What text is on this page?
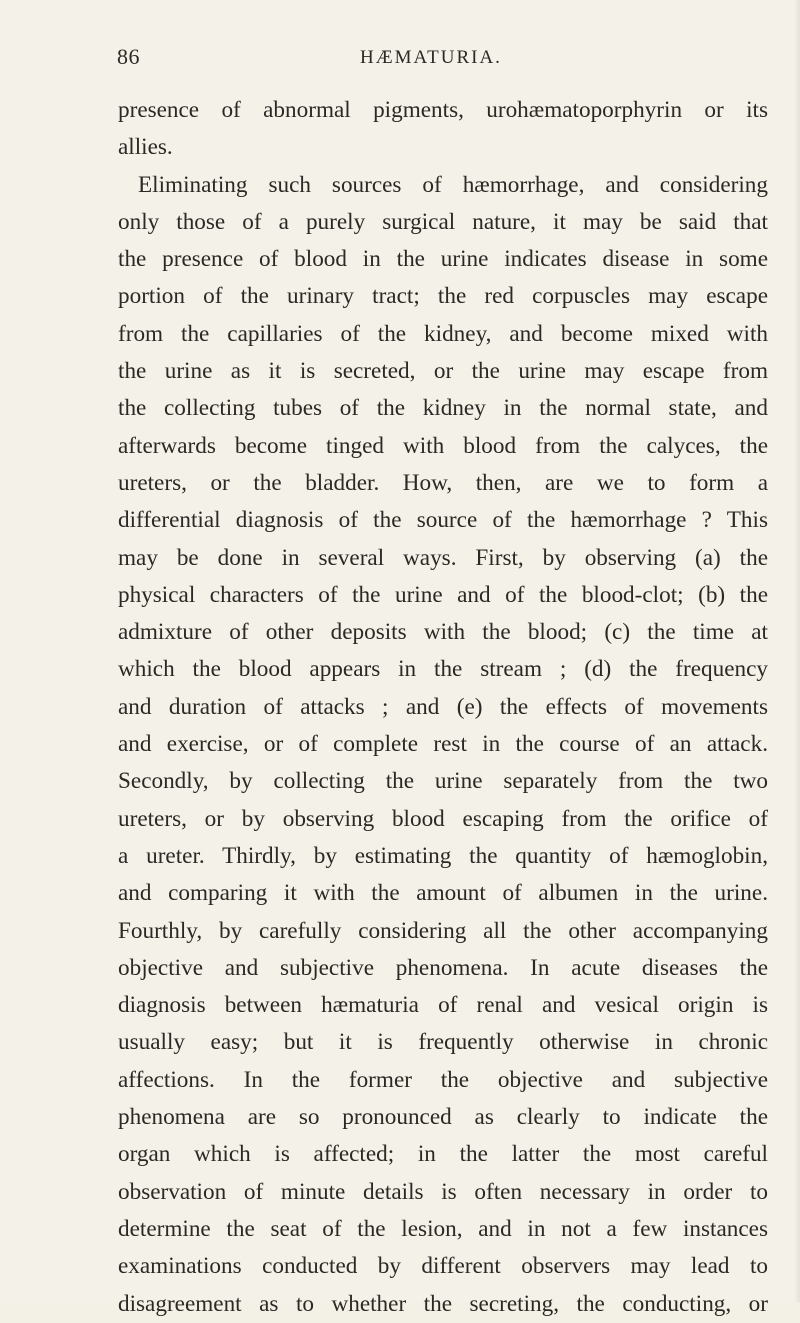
86	HÆMATURIA.
presence of abnormal pigments, urohæmatoporphyrin or its
allies.
Eliminating such sources of hæmorrhage, and considering
only those of a purely surgical nature, it may be said that
the presence of blood in the urine indicates disease in some
portion of the urinary tract; the red corpuscles may escape
from the capillaries of the kidney, and become mixed with
the urine as it is secreted, or the urine may escape from
the collecting tubes of the kidney in the normal state, and
afterwards become tinged with blood from the calyces, the
ureters, or the bladder. How, then, are we to form a
differential diagnosis of the source of the hæmorrhage ? This
may be done in several ways. First, by observing (a) the
physical characters of the urine and of the blood-clot; (b) the
admixture of other deposits with the blood; (c) the time at
which the blood appears in the stream ; (d) the frequency
and duration of attacks ; and (e) the effects of movements
and exercise, or of complete rest in the course of an attack.
Secondly, by collecting the urine separately from the two
ureters, or by observing blood escaping from the orifice of
a ureter. Thirdly, by estimating the quantity of hæmoglobin,
and comparing it with the amount of albumen in the urine.
Fourthly, by carefully considering all the other accompanying
objective and subjective phenomena. In acute diseases the
diagnosis between hæmaturia of renal and vesical origin is
usually easy; but it is frequently otherwise in chronic
affections. In the former the objective and subjective
phenomena are so pronounced as clearly to indicate the
organ which is affected; in the latter the most careful
observation of minute details is often necessary in order to
determine the seat of the lesion, and in not a few instances
examinations conducted by different observers may lead to
disagreement as to whether the secreting, the conducting, or
